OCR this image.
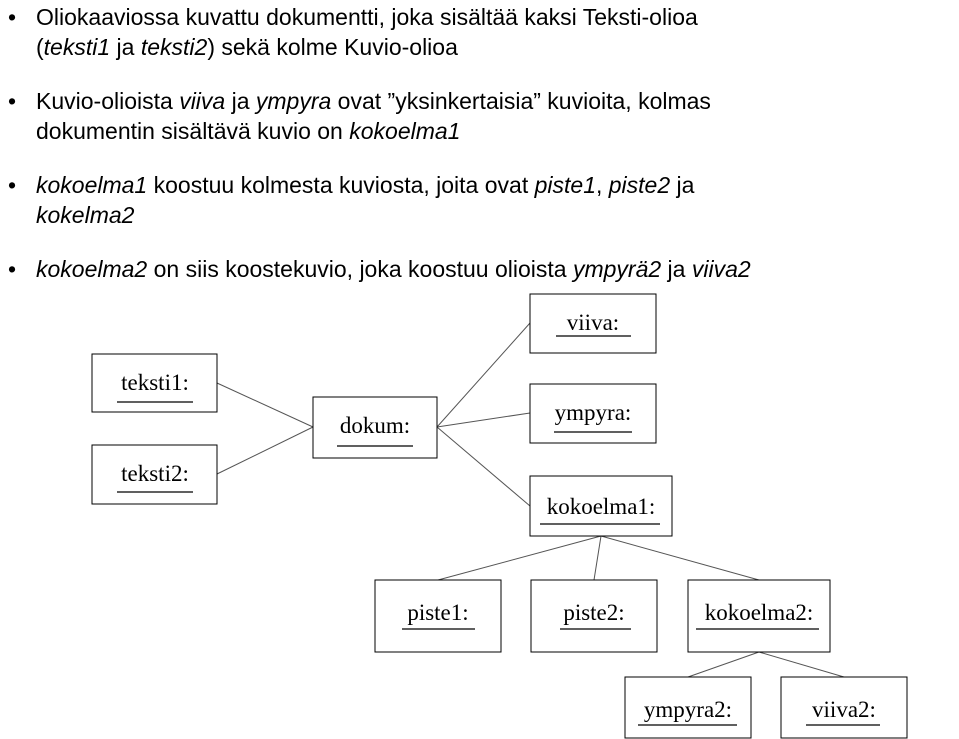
• Oliokaaviossa kuvattu dokumentti, joka sisältää kaksi Teksti-olioa
(teksti1 ja teksti2) sekä kolme Kuvio-olioa
• Kuvio-olioista viiva ja ympyra ovat ”yksinkertaisia” kuvioita, kolmas
dokumentin sisältävä kuvio on kokoelma1
• kokoelma1 koostuu kolmesta kuviosta, joita ovat piste1, piste2 ja
kokelma2
• kokoelma2 on siis koostekuvio, joka koostuu olioista ympyrä2 ja viiva2
teksti1:
teksti2:
dokum:
viiva:
ympyra:
kokoelma1:
piste1:	piste2:	kokoelma2:
ympyra2:	viiva2:
